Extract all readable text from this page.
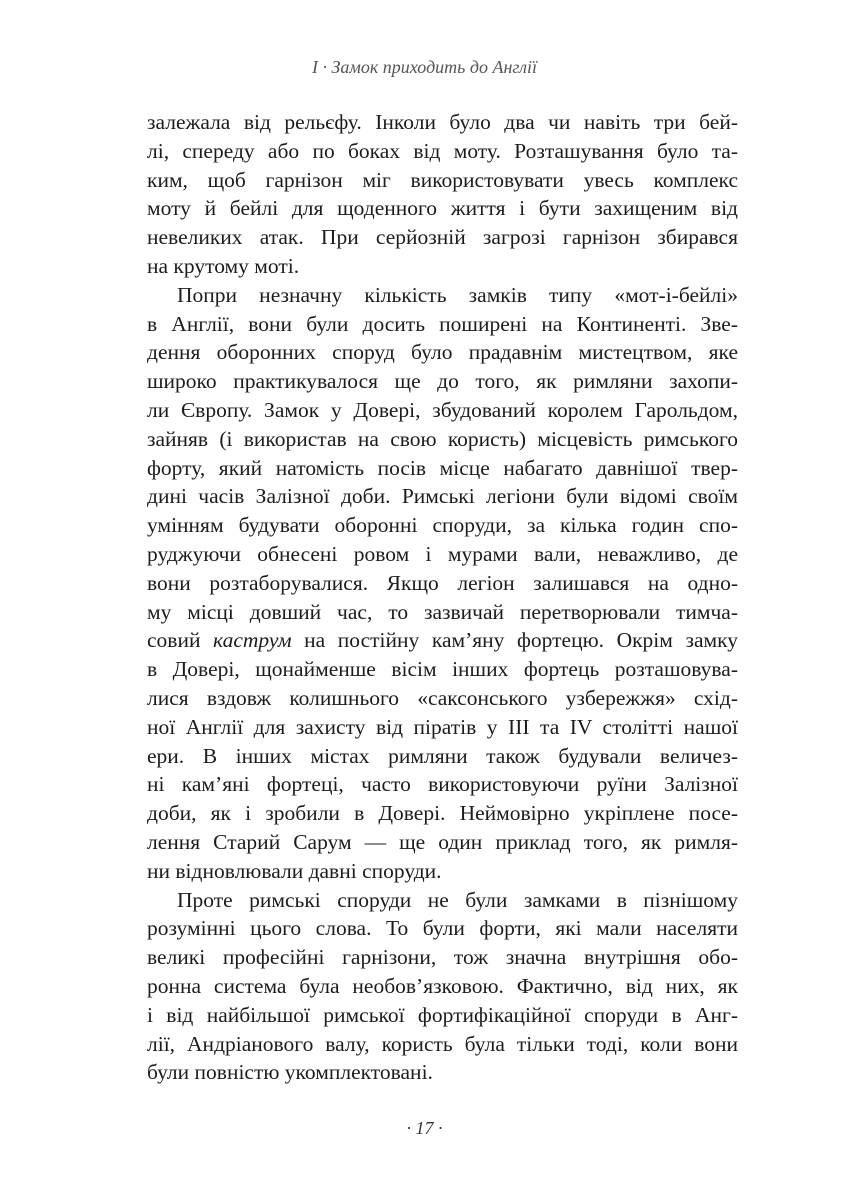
I · Замок приходить до Англії
залежала від рельєфу. Інколи було два чи навіть три бей-
лі, спереду або по боках від моту. Розташування було та-
ким, щоб гарнізон міг використовувати увесь комплекс
моту й бейлі для щоденного життя і бути захищеним від
невеликих атак. При серйозній загрозі гарнізон збирався
на крутому моті.
Попри незначну кількість замків типу «мот-і-бейлі»
в Англії, вони були досить поширені на Континенті. Зве-
дення оборонних споруд було прадавнім мистецтвом, яке
широко практикувалося ще до того, як римляни захопи-
ли Європу. Замок у Довері, збудований королем Гарольдом,
зайняв (і використав на свою користь) місцевість римського
форту, який натомість посів місце набагато давнішої твер-
дині часів Залізної доби. Римські легіони були відомі своїм
умінням будувати оборонні споруди, за кілька годин спо-
руджуючи обнесені ровом і мурами вали, неважливо, де
вони розтаборувалися. Якщо легіон залишався на одно-
му місці довший час, то зазвичай перетворювали тимча-
совий каструм на постійну кам’яну фортецю. Окрім замку
в Довері, щонайменше вісім інших фортець розташовува-
лися вздовж колишнього «саксонського узбережжя» схід-
ної Англії для захисту від піратів у III та IV столітті нашої
ери. В інших містах римляни також будували величез-
ні кам’яні фортеці, часто використовуючи руїни Залізної
доби, як і зробили в Довері. Неймовірно укріплене посе-
лення Старий Сарум — ще один приклад того, як римля-
ни відновлювали давні споруди.
Проте римські споруди не були замками в пізнішому
розумінні цього слова. То були форти, які мали населяти
великі професійні гарнізони, тож значна внутрішня обо-
ронна система була необов’язковою. Фактично, від них, як
і від найбільшої римської фортифікаційної споруди в Анг-
лії, Андріанового валу, користь була тільки тоді, коли вони
були повністю укомплектовані.
· 17 ·
